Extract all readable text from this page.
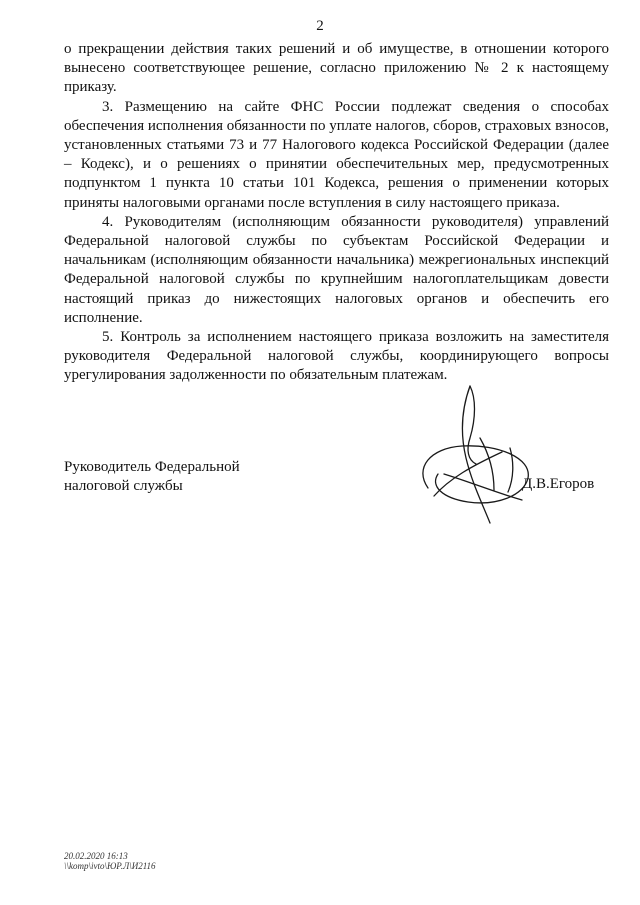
2

о прекращении действия таких решений и об имуществе, в отношении которого вынесено соответствующее решение, согласно приложению № 2 к настоящему приказу.

3. Размещению на сайте ФНС России подлежат сведения о способах обеспечения исполнения обязанности по уплате налогов, сборов, страховых взносов, установленных статьями 73 и 77 Налогового кодекса Российской Федерации (далее – Кодекс), и о решениях о принятии обеспечительных мер, предусмотренных подпунктом 1 пункта 10 статьи 101 Кодекса, решения о применении которых приняты налоговыми органами после вступления в силу настоящего приказа.

4. Руководителям (исполняющим обязанности руководителя) управлений Федеральной налоговой службы по субъектам Российской Федерации и начальникам (исполняющим обязанности начальника) межрегиональных инспекций Федеральной налоговой службы по крупнейшим налогоплательщикам довести настоящий приказ до нижестоящих налоговых органов и обеспечить его исполнение.

5. Контроль за исполнением настоящего приказа возложить на заместителя руководителя Федеральной налоговой службы, координирующего вопросы урегулирования задолженности по обязательным платежам.

Руководитель Федеральной
налоговой службы	Д.В.Егоров
20.02.2020 16:13
\\komp\ivto\ЮР.Л\И2116
